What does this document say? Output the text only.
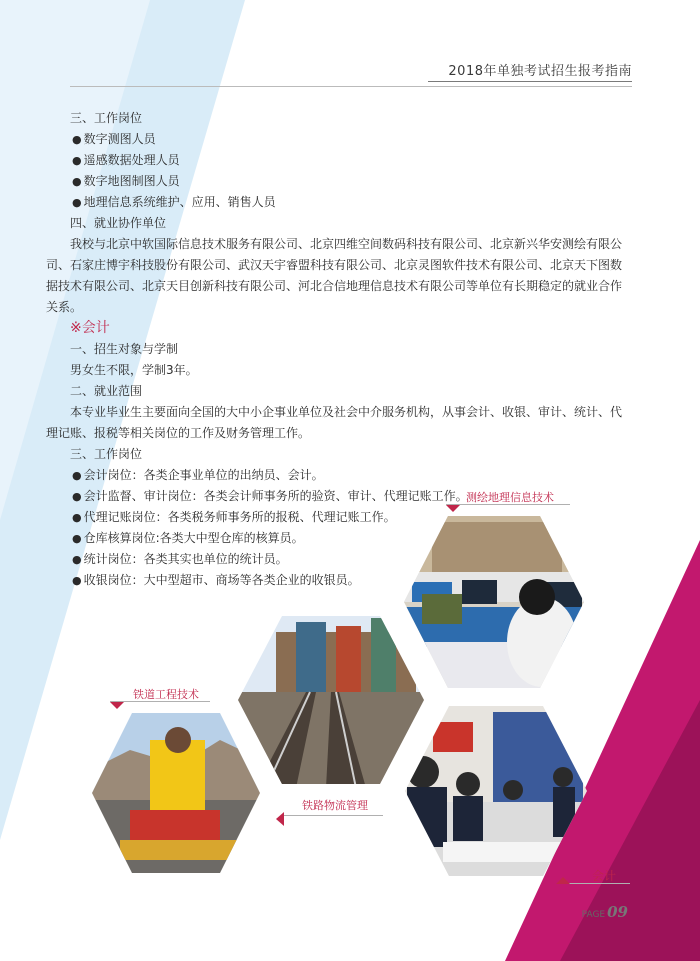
2018年单独考试招生报考指南

三、工作岗位

● 数字测图人员

● 遥感数据处理人员

● 数字地图制图人员

● 地理信息系统维护、应用、销售人员

四、就业协作单位

我校与北京中软国际信息技术服务有限公司、北京四维空间数码科技有限公司、北京新兴华安测绘有限公司、石家庄博宇科技股份有限公司、武汉天宇睿盟科技有限公司、北京灵图软件技术有限公司、北京天下图数据技术有限公司、北京天目创新科技有限公司、河北合信地理信息技术有限公司等单位有长期稳定的就业合作关系。

※会计

一、招生对象与学制

男女生不限，学制3年。

二、就业范围

本专业毕业生主要面向全国的大中小企事业单位及社会中介服务机构，从事会计、收银、审计、统计、代理记账、报税等相关岗位的工作及财务管理工作。

三、工作岗位

● 会计岗位：各类企事业单位的出纳员、会计。

● 会计监督、审计岗位：各类会计师事务所的验资、审计、代理记账工作。

● 代理记账岗位：各类税务师事务所的报税、代理记账工作。

● 仓库核算岗位:各类大中型仓库的核算员。

● 统计岗位：各类其实也单位的统计员。

● 收银岗位：大中型超市、商场等各类企业的收银员。

测绘地理信息技术
铁道工程技术
铁路物流管理
会计
PAGE 09
